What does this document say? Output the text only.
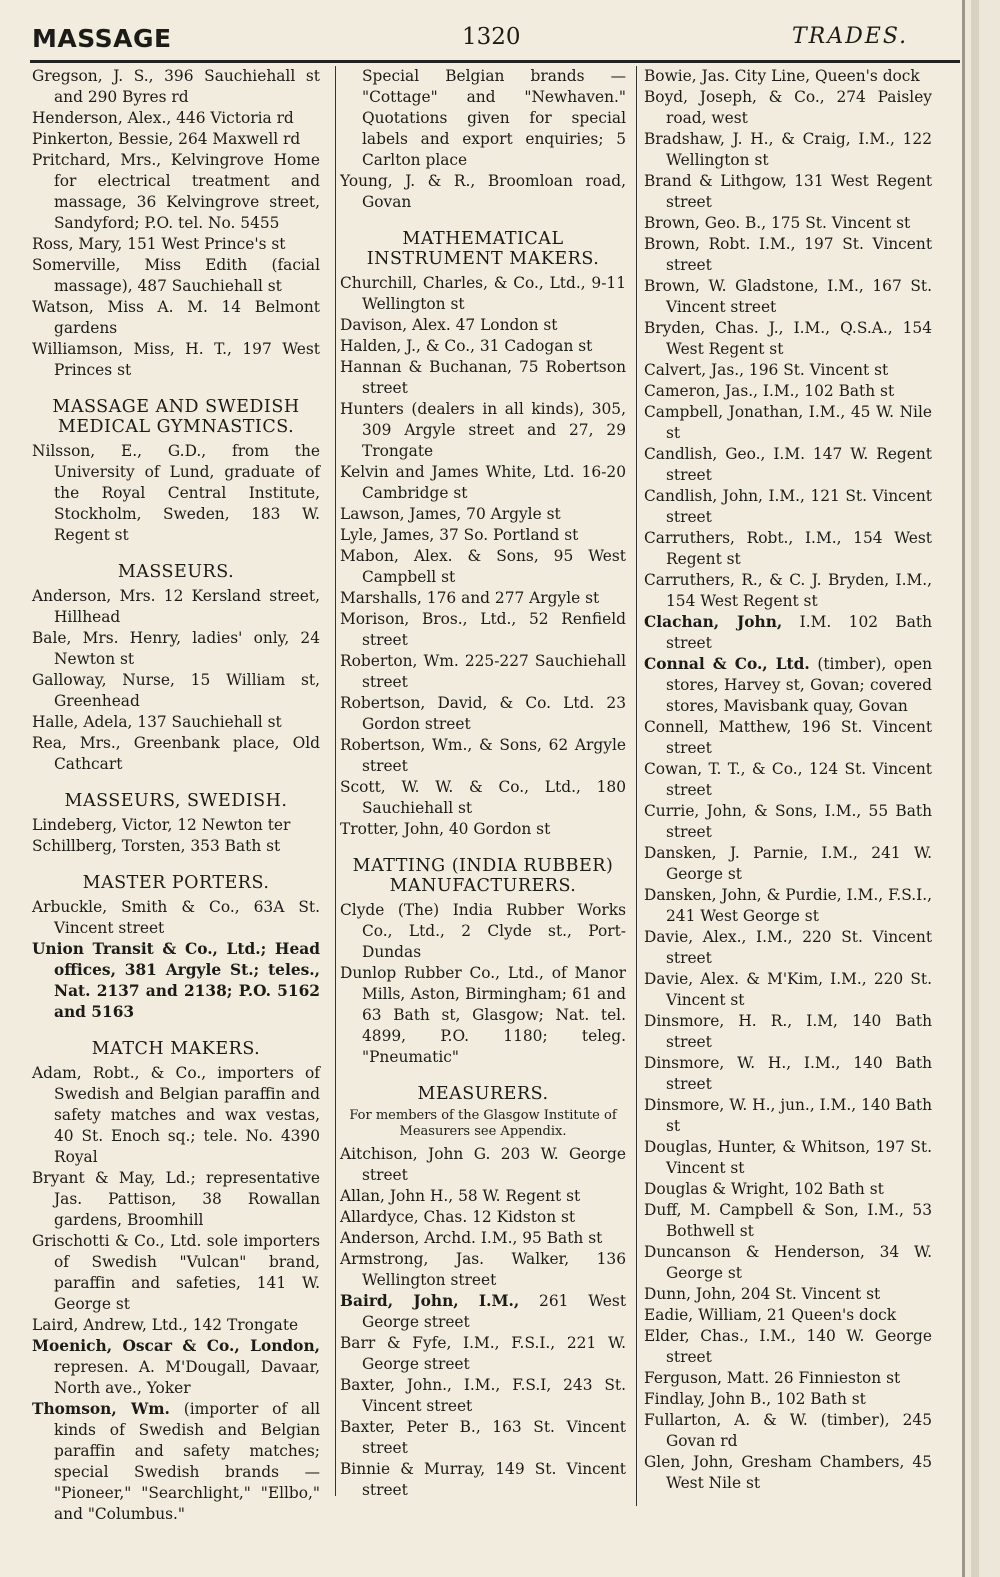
MASSAGE	1320	TRADES.
Gregson, J. S., 396 Sauchiehall st and 290 Byres rd
Henderson, Alex., 446 Victoria rd
Pinkerton, Bessie, 264 Maxwell rd
Pritchard, Mrs., Kelvingrove Home for electrical treatment and massage, 36 Kelvingrove street, Sandyford; P.O. tel. No. 5455
Ross, Mary, 151 West Prince's st
Somerville, Miss Edith (facial massage), 487 Sauchiehall st
Watson, Miss A. M. 14 Belmont gardens
Williamson, Miss, H. T., 197 West Princes st
MASSAGE AND SWEDISH MEDICAL GYMNASTICS.
Nilsson, E., G.D., from the University of Lund, graduate of the Royal Central Institute, Stockholm, Sweden, 183 W. Regent st
MASSEURS.
Anderson, Mrs. 12 Kersland street, Hillhead
Bale, Mrs. Henry, ladies' only, 24 Newton st
Galloway, Nurse, 15 William st, Greenhead
Halle, Adela, 137 Sauchiehall st
Rea, Mrs., Greenbank place, Old Cathcart
MASSEURS, SWEDISH.
Lindeberg, Victor, 12 Newton ter
Schillberg, Torsten, 353 Bath st
MASTER PORTERS.
Arbuckle, Smith & Co., 63A St. Vincent street
Union Transit & Co., Ltd.; Head offices, 381 Argyle St.; teles., Nat. 2137 and 2138; P.O. 5162 and 5163
MATCH MAKERS.
Adam, Robt., & Co., importers of Swedish and Belgian paraffin and safety matches and wax vestas, 40 St. Enoch sq.; tele. No. 4390 Royal
Bryant & May, Ld.; representative Jas. Pattison, 38 Rowallan gardens, Broomhill
Grischotti & Co., Ltd. sole importers of Swedish "Vulcan" brand, paraffin and safeties, 141 W. George st
Laird, Andrew, Ltd., 142 Trongate
Moenich, Oscar & Co., London, represen. A. M'Dougall, Davaar, North ave., Yoker
Thomson, Wm. (importer of all kinds of Swedish and Belgian paraffin and safety matches; special Swedish brands — "Pioneer," "Searchlight," "Ellbo," and "Columbus."
Special Belgian brands — "Cottage" and "Newhaven." Quotations given for special labels and export enquiries; 5 Carlton place
Young, J. & R., Broomloan road, Govan
MATHEMATICAL INSTRUMENT MAKERS.
Churchill, Charles, & Co., Ltd., 9-11 Wellington st
Davison, Alex. 47 London st
Halden, J., & Co., 31 Cadogan st
Hannan & Buchanan, 75 Robertson street
Hunters (dealers in all kinds), 305, 309 Argyle street and 27, 29 Trongate
Kelvin and James White, Ltd. 16-20 Cambridge st
Lawson, James, 70 Argyle st
Lyle, James, 37 So. Portland st
Mabon, Alex. & Sons, 95 West Campbell st
Marshalls, 176 and 277 Argyle st
Morison, Bros., Ltd., 52 Renfield street
Roberton, Wm. 225-227 Sauchiehall street
Robertson, David, & Co. Ltd. 23 Gordon street
Robertson, Wm., & Sons, 62 Argyle street
Scott, W. W. & Co., Ltd., 180 Sauchiehall st
Trotter, John, 40 Gordon st
MATTING (INDIA RUBBER) MANUFACTURERS.
Clyde (The) India Rubber Works Co., Ltd., 2 Clyde st., Port-Dundas
Dunlop Rubber Co., Ltd., of Manor Mills, Aston, Birmingham; 61 and 63 Bath st, Glasgow; Nat. tel. 4899, P.O. 1180; teleg. "Pneumatic"
MEASURERS.
For members of the Glasgow Institute of Measurers see Appendix.
Aitchison, John G. 203 W. George street
Allan, John H., 58 W. Regent st
Allardyce, Chas. 12 Kidston st
Anderson, Archd. I.M., 95 Bath st
Armstrong, Jas. Walker, 136 Wellington street
Baird, John, I.M., 261 West George street
Barr & Fyfe, I.M., F.S.I., 221 W. George street
Baxter, John., I.M., F.S.I, 243 St. Vincent street
Baxter, Peter B., 163 St. Vincent street
Binnie & Murray, 149 St. Vincent street
Bowie, Jas. City Line, Queen's dock
Boyd, Joseph, & Co., 274 Paisley road, west
Bradshaw, J. H., & Craig, I.M., 122 Wellington st
Brand & Lithgow, 131 West Regent street
Brown, Geo. B., 175 St. Vincent st
Brown, Robt. I.M., 197 St. Vincent street
Brown, W. Gladstone, I.M., 167 St. Vincent street
Bryden, Chas. J., I.M., Q.S.A., 154 West Regent st
Calvert, Jas., 196 St. Vincent st
Cameron, Jas., I.M., 102 Bath st
Campbell, Jonathan, I.M., 45 W. Nile st
Candlish, Geo., I.M. 147 W. Regent street
Candlish, John, I.M., 121 St. Vincent street
Carruthers, Robt., I.M., 154 West Regent st
Carruthers, R., & C. J. Bryden, I.M., 154 West Regent st
Clachan, John, I.M. 102 Bath street
Connal & Co., Ltd. (timber), open stores, Harvey st, Govan; covered stores, Mavisbank quay, Govan
Connell, Matthew, 196 St. Vincent street
Cowan, T. T., & Co., 124 St. Vincent street
Currie, John, & Sons, I.M., 55 Bath street
Dansken, J. Parnie, I.M., 241 W. George st
Dansken, John, & Purdie, I.M., F.S.I., 241 West George st
Davie, Alex., I.M., 220 St. Vincent street
Davie, Alex. & M'Kim, I.M., 220 St. Vincent st
Dinsmore, H. R., I.M, 140 Bath street
Dinsmore, W. H., I.M., 140 Bath street
Dinsmore, W. H., jun., I.M., 140 Bath st
Douglas, Hunter, & Whitson, 197 St. Vincent st
Douglas & Wright, 102 Bath st
Duff, M. Campbell & Son, I.M., 53 Bothwell st
Duncanson & Henderson, 34 W. George st
Dunn, John, 204 St. Vincent st
Eadie, William, 21 Queen's dock
Elder, Chas., I.M., 140 W. George street
Ferguson, Matt. 26 Finnieston st
Findlay, John B., 102 Bath st
Fullarton, A. & W. (timber), 245 Govan rd
Glen, John, Gresham Chambers, 45 West Nile st
